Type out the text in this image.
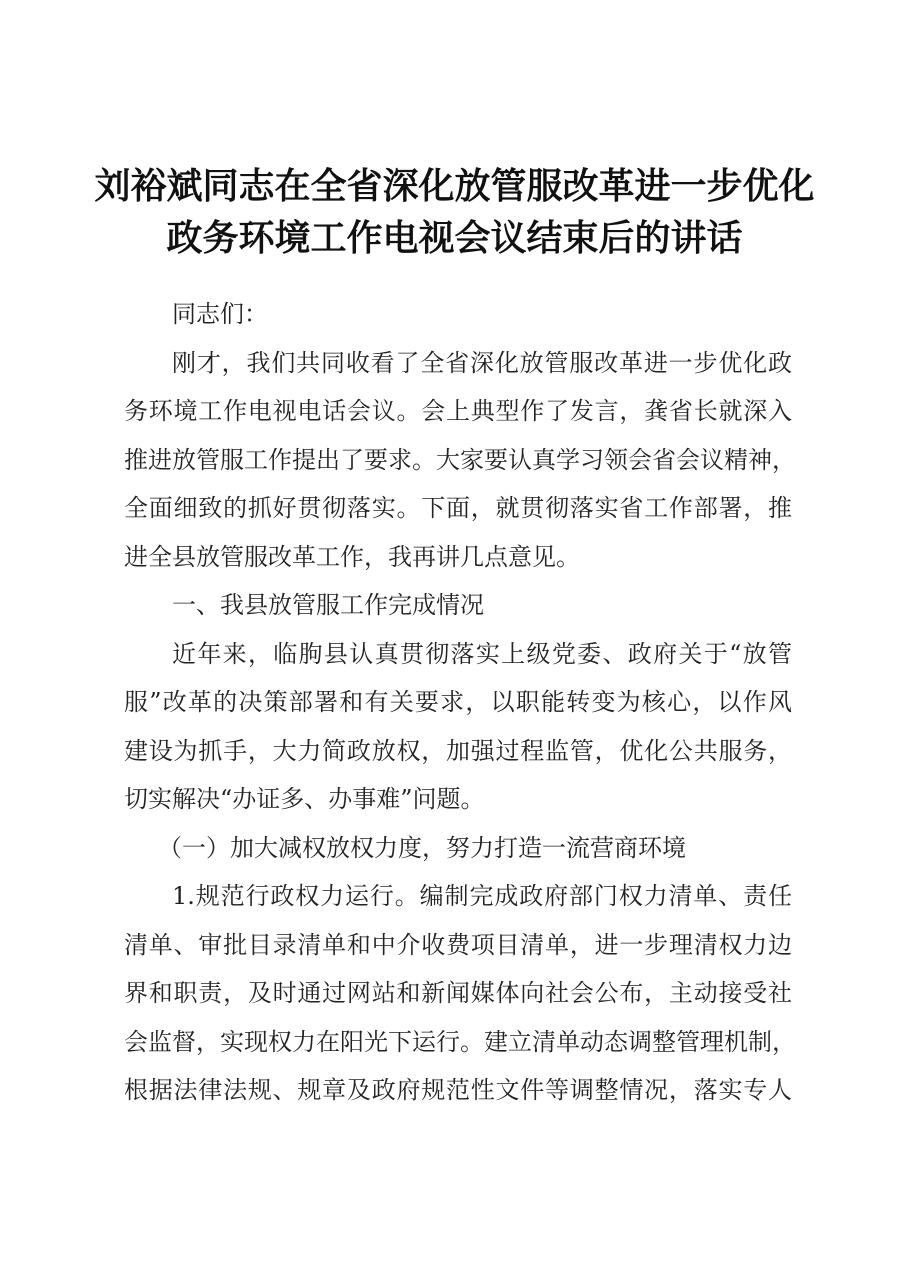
刘裕斌同志在全省深化放管服改革进一步优化
政务环境工作电视会议结束后的讲话
同志们：
刚才，我们共同收看了全省深化放管服改革进一步优化政
务环境工作电视电话会议。会上典型作了发言，龚省长就深入
推进放管服工作提出了要求。大家要认真学习领会省会议精神，
全面细致的抓好贯彻落实。下面，就贯彻落实省工作部署，推
进全县放管服改革工作，我再讲几点意见。
一、我县放管服工作完成情况
近年来，临朐县认真贯彻落实上级党委、政府关于“放管
服”改革的决策部署和有关要求，以职能转变为核心，以作风
建设为抓手，大力简政放权，加强过程监管，优化公共服务，
切实解决“办证多、办事难”问题。
（一）加大减权放权力度，努力打造一流营商环境
1.规范行政权力运行。编制完成政府部门权力清单、责任
清单、审批目录清单和中介收费项目清单，进一步理清权力边
界和职责，及时通过网站和新闻媒体向社会公布，主动接受社
会监督，实现权力在阳光下运行。建立清单动态调整管理机制，
根据法律法规、规章及政府规范性文件等调整情况，落实专人
